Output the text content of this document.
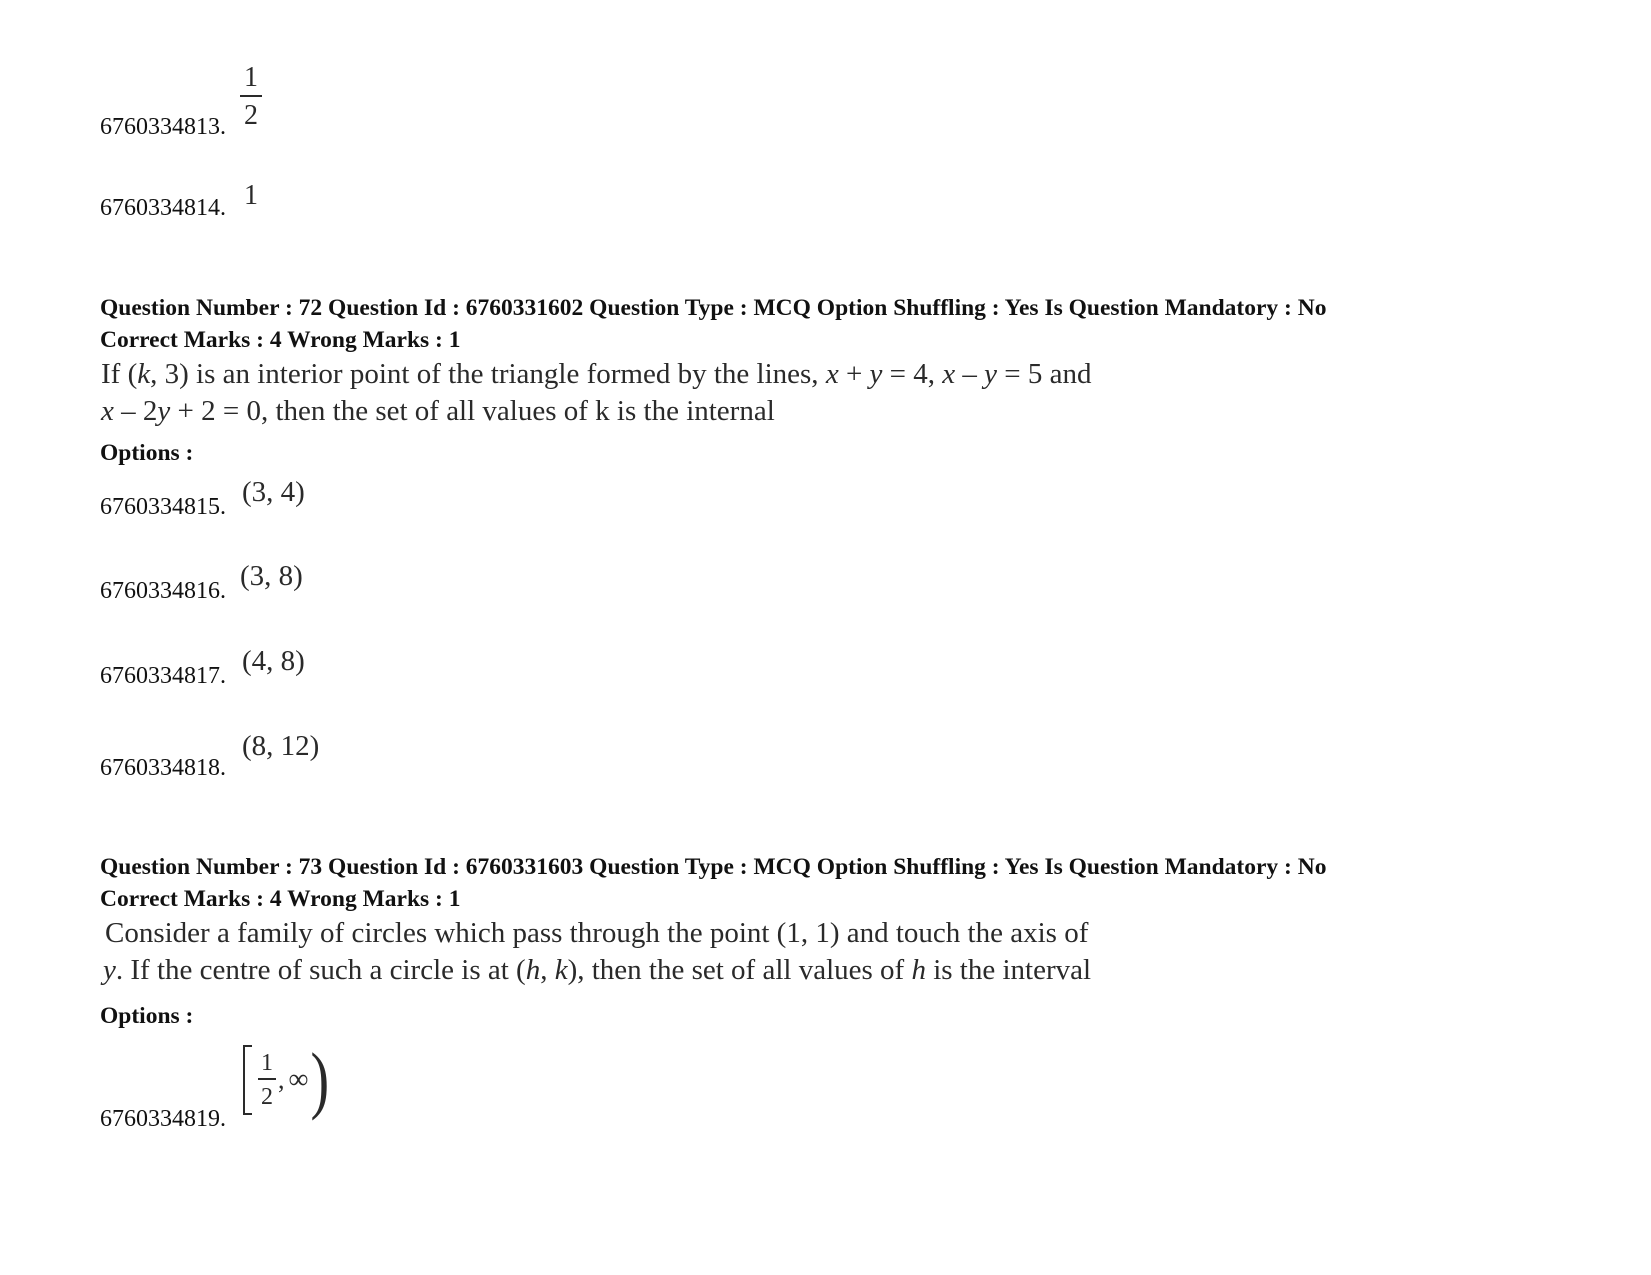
6760334813.
1
2
6760334814. 1
Question Number : 72 Question Id : 6760331602 Question Type : MCQ Option Shuffling : Yes Is Question Mandatory : No
Correct Marks : 4 Wrong Marks : 1
If (k, 3) is an interior point of the triangle formed by the lines, x + y = 4, x – y = 5 and
x – 2y + 2 = 0, then the set of all values of k is the internal
Options :
6760334815. (3, 4)
6760334816. (3, 8)
6760334817. (4, 8)
6760334818.
(8, 12)
Question Number : 73 Question Id : 6760331603 Question Type : MCQ Option Shuffling : Yes Is Question Mandatory : No
Correct Marks : 4 Wrong Marks : 1
Consider a family of circles which pass through the point (1, 1) and touch the axis of
y. If the centre of such a circle is at (h, k), then the set of all values of h is the interval
Options :
6760334819.
$\frac{1}{2}$ , ∞ )
